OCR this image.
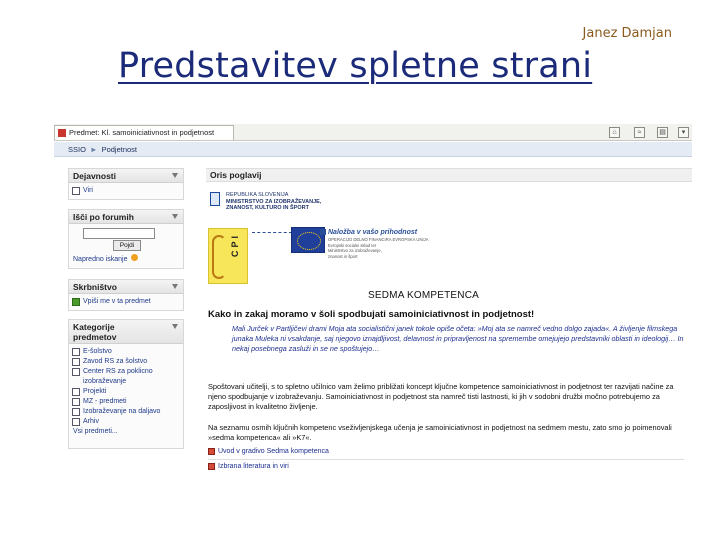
Janez Damjan
Predstavitev spletne strani
Predmet: Kl. samoiniciativnost in podjetnost	⌂	≈	▤	▾
SSIO ► Podjetnost
Dejavnosti
Viri
Išči po forumih
Pojdi
Napredno iskanje
Skrbništvo
Vpiši me v ta predmet
Kategorije predmetov
E-šolstvo
Zavod RS za šolstvo
Center RS za poklicno izobraževanje
Projekti
MZ - predmeti
Izobraževanje na daljavo
Arhiv
Vsi predmeti...
Oris poglavij
REPUBLIKA SLOVENIJA
MINISTRSTVO ZA IZOBRAŽEVANJE,
ZNANOST, KULTURO IN ŠPORT
CPI
Naložba v vašo prihodnost
OPERACIJO DELNO FINANCIRA EVROPSKA UNIJA
Evropski socialni sklad ter
Ministrstvo za izobraževanje,
znanost in šport
SEDMA KOMPETENCA
Kako in zakaj moramo v šoli spodbujati samoiniciativnost in podjetnost!
Mali Jurček v Partljičevi drami Moja ata socialistični janek tokole opiše očeta: »Moj ata se namreč vedno dolgo zajada«. A življenje filmskega junaka Muleka ni vsakdanje, saj njegovo iznajdljivost, delavnost in pripravljenost na spremembe omejujejo predstavniki oblasti in ideologij… In nekaj posebnega zasluži in se ne spoštujejo…
Spoštovani učitelji, s to spletno učilnico vam želimo približati koncept ključne kompetence samoiniciativnost in podjetnost ter razvijati načine za njeno spodbujanje v izobraževanju. Samoiniciativnost in podjetnost sta namreč tisti lastnosti, ki jih v sodobni družbi močno potrebujemo za zaposljivost in kvalitetno življenje.
Na seznamu osmih ključnih kompetenc vseživljenjskega učenja je samoiniciativnost in podjetnost na sedmem mestu, zato smo jo poimenovali »sedma kompetenca« ali »K7«.
Uvod v gradivo Sedma kompetenca
Izbrana literatura in viri
